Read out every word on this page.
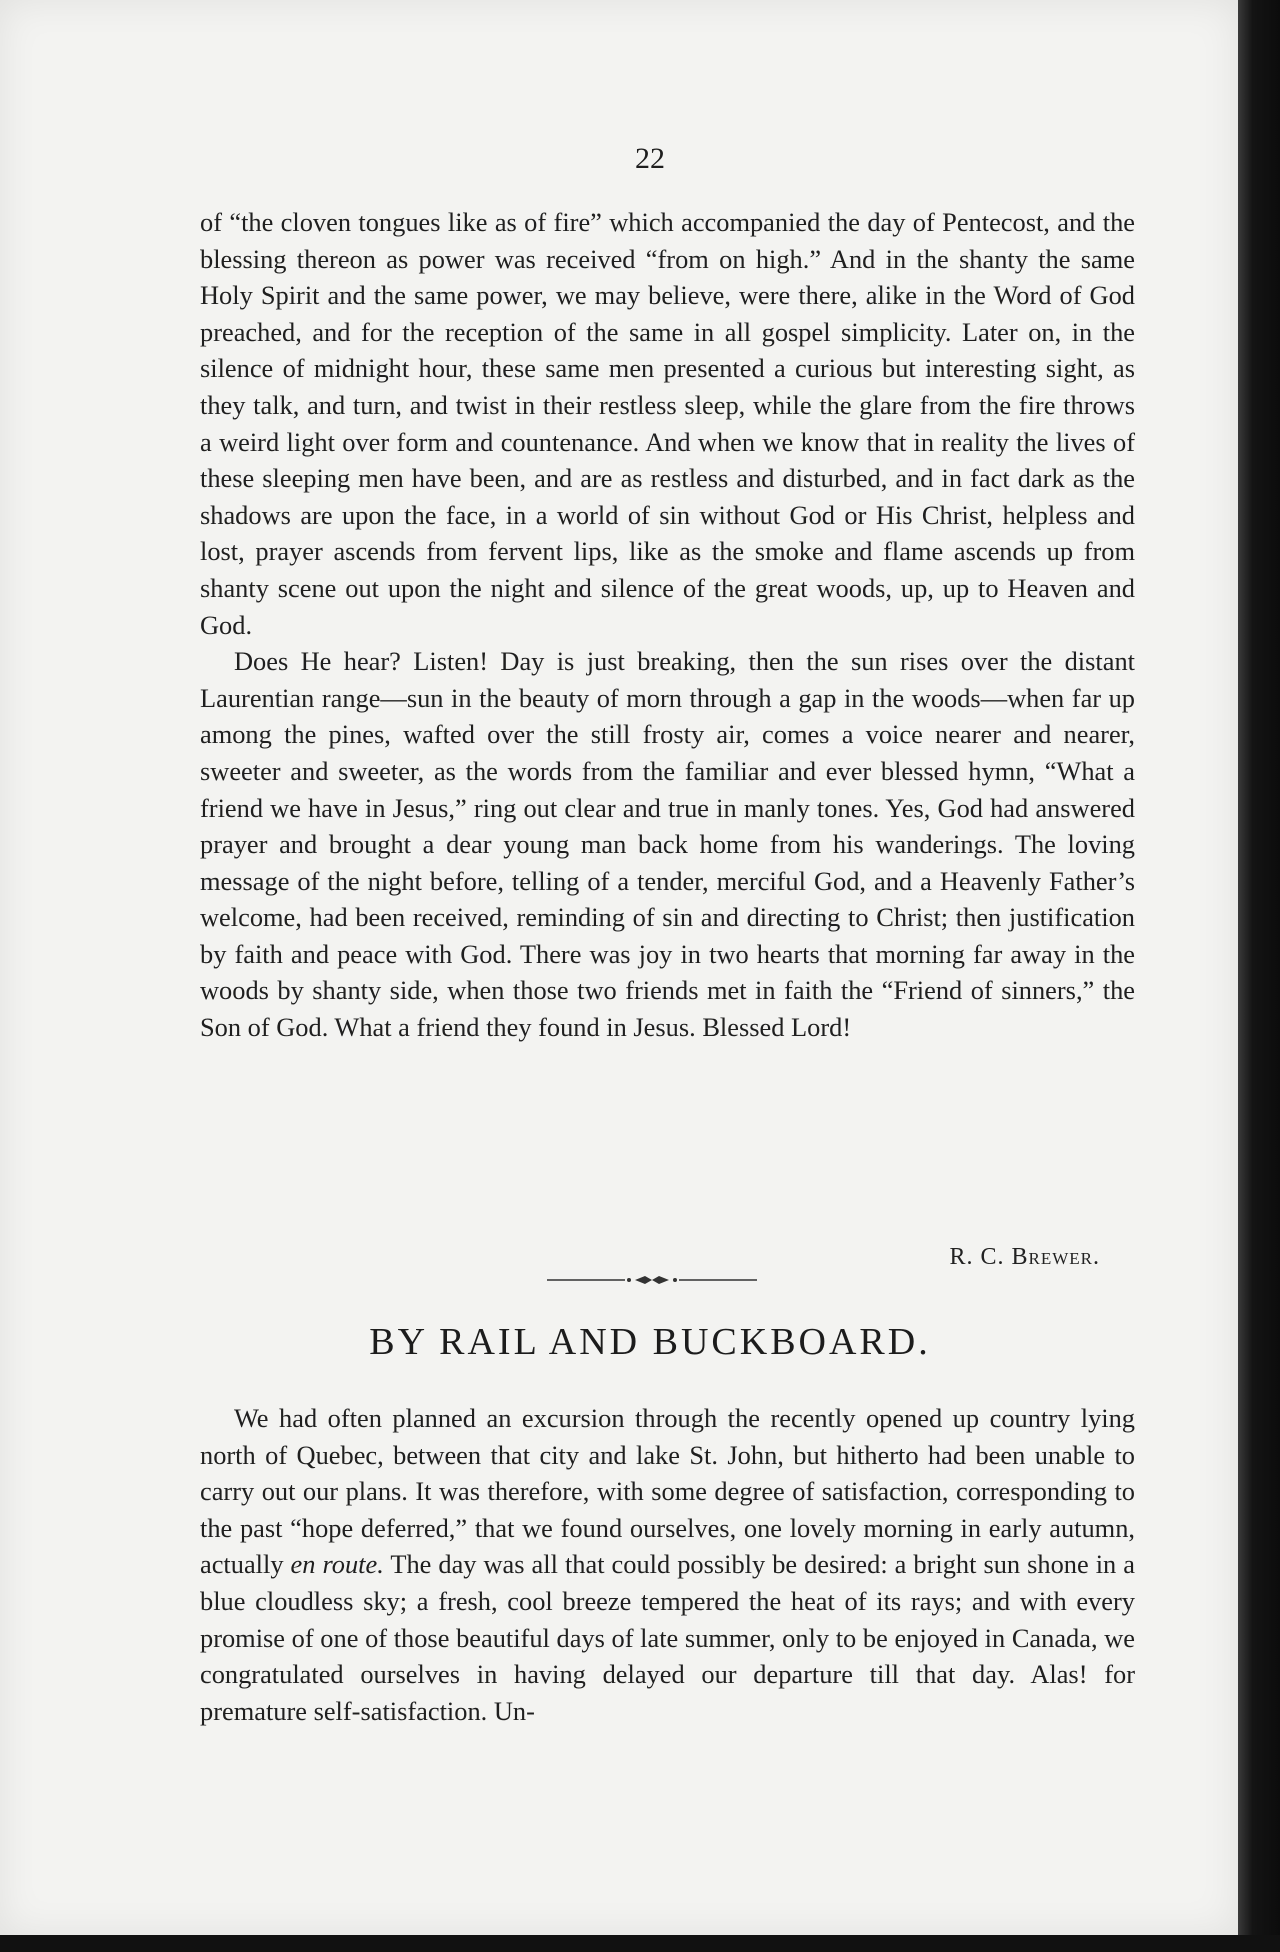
22

of “the cloven tongues like as of fire” which accompanied the day of Pentecost, and the blessing thereon as power was received “from on high.” And in the shanty the same Holy Spirit and the same power, we may believe, were there, alike in the Word of God preached, and for the reception of the same in all gospel simplicity. Later on, in the silence of midnight hour, these same men presented a curious but interesting sight, as they talk, and turn, and twist in their restless sleep, while the glare from the fire throws a weird light over form and countenance. And when we know that in reality the lives of these sleeping men have been, and are as restless and disturbed, and in fact dark as the shadows are upon the face, in a world of sin without God or His Christ, helpless and lost, prayer ascends from fervent lips, like as the smoke and flame ascends up from shanty scene out upon the night and silence of the great woods, up, up to Heaven and God.

Does He hear? Listen! Day is just breaking, then the sun rises over the distant Laurentian range—sun in the beauty of morn through a gap in the woods—when far up among the pines, wafted over the still frosty air, comes a voice nearer and nearer, sweeter and sweeter, as the words from the familiar and ever blessed hymn, “What a friend we have in Jesus,” ring out clear and true in manly tones. Yes, God had answered prayer and brought a dear young man back home from his wanderings. The loving message of the night before, telling of a tender, merciful God, and a Heavenly Father’s welcome, had been received, reminding of sin and directing to Christ; then justification by faith and peace with God. There was joy in two hearts that morning far away in the woods by shanty side, when those two friends met in faith the “Friend of sinners,” the Son of God. What a friend they found in Jesus. Blessed Lord!

R. C. Brewer.
BY RAIL AND BUCKBOARD.

We had often planned an excursion through the recently opened up country lying north of Quebec, between that city and lake St. John, but hitherto had been unable to carry out our plans. It was therefore, with some degree of satisfaction, corresponding to the past “hope deferred,” that we found ourselves, one lovely morning in early autumn, actually en route. The day was all that could possibly be desired: a bright sun shone in a blue cloudless sky; a fresh, cool breeze tempered the heat of its rays; and with every promise of one of those beautiful days of late summer, only to be enjoyed in Canada, we congratulated ourselves in having delayed our departure till that day. Alas! for premature self-satisfaction. Un-
